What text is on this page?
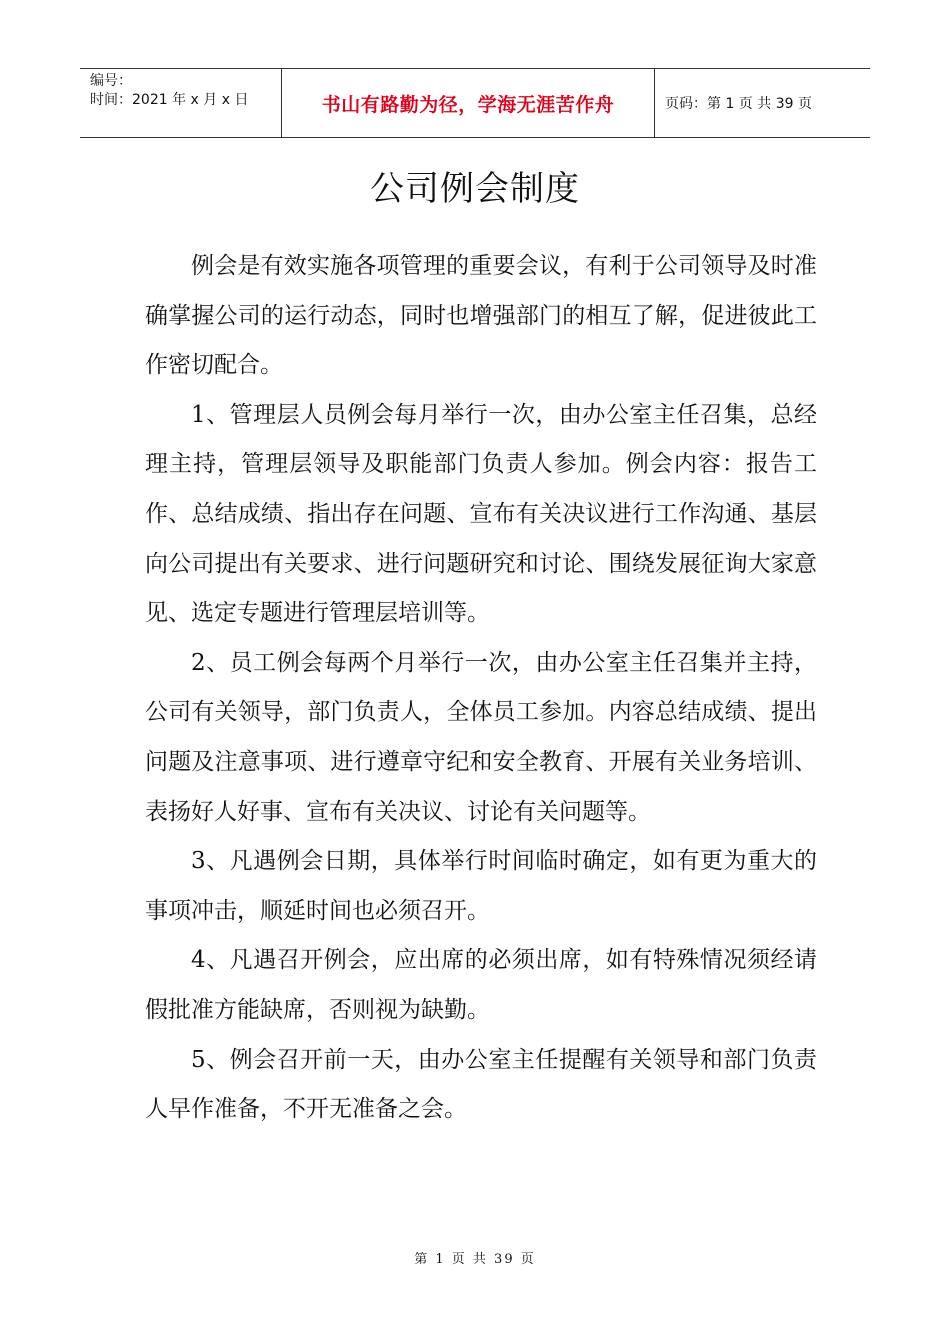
编号：
时间：2021 年 x 月 x 日	书山有路勤为径，学海无涯苦作舟	页码：第 1 页 共 39 页
公司例会制度

例会是有效实施各项管理的重要会议，有利于公司领导及时准确掌握公司的运行动态，同时也增强部门的相互了解，促进彼此工作密切配合。

1、管理层人员例会每月举行一次，由办公室主任召集，总经理主持，管理层领导及职能部门负责人参加。例会内容：报告工作、总结成绩、指出存在问题、宣布有关决议进行工作沟通、基层向公司提出有关要求、进行问题研究和讨论、围绕发展征询大家意见、选定专题进行管理层培训等。

2、员工例会每两个月举行一次，由办公室主任召集并主持，公司有关领导，部门负责人，全体员工参加。内容总结成绩、提出问题及注意事项、进行遵章守纪和安全教育、开展有关业务培训、表扬好人好事、宣布有关决议、讨论有关问题等。

3、凡遇例会日期，具体举行时间临时确定，如有更为重大的事项冲击，顺延时间也必须召开。

4、凡遇召开例会，应出席的必须出席，如有特殊情况须经请假批准方能缺席，否则视为缺勤。

5、例会召开前一天，由办公室主任提醒有关领导和部门负责人早作准备，不开无准备之会。

第 1 页 共 39 页
